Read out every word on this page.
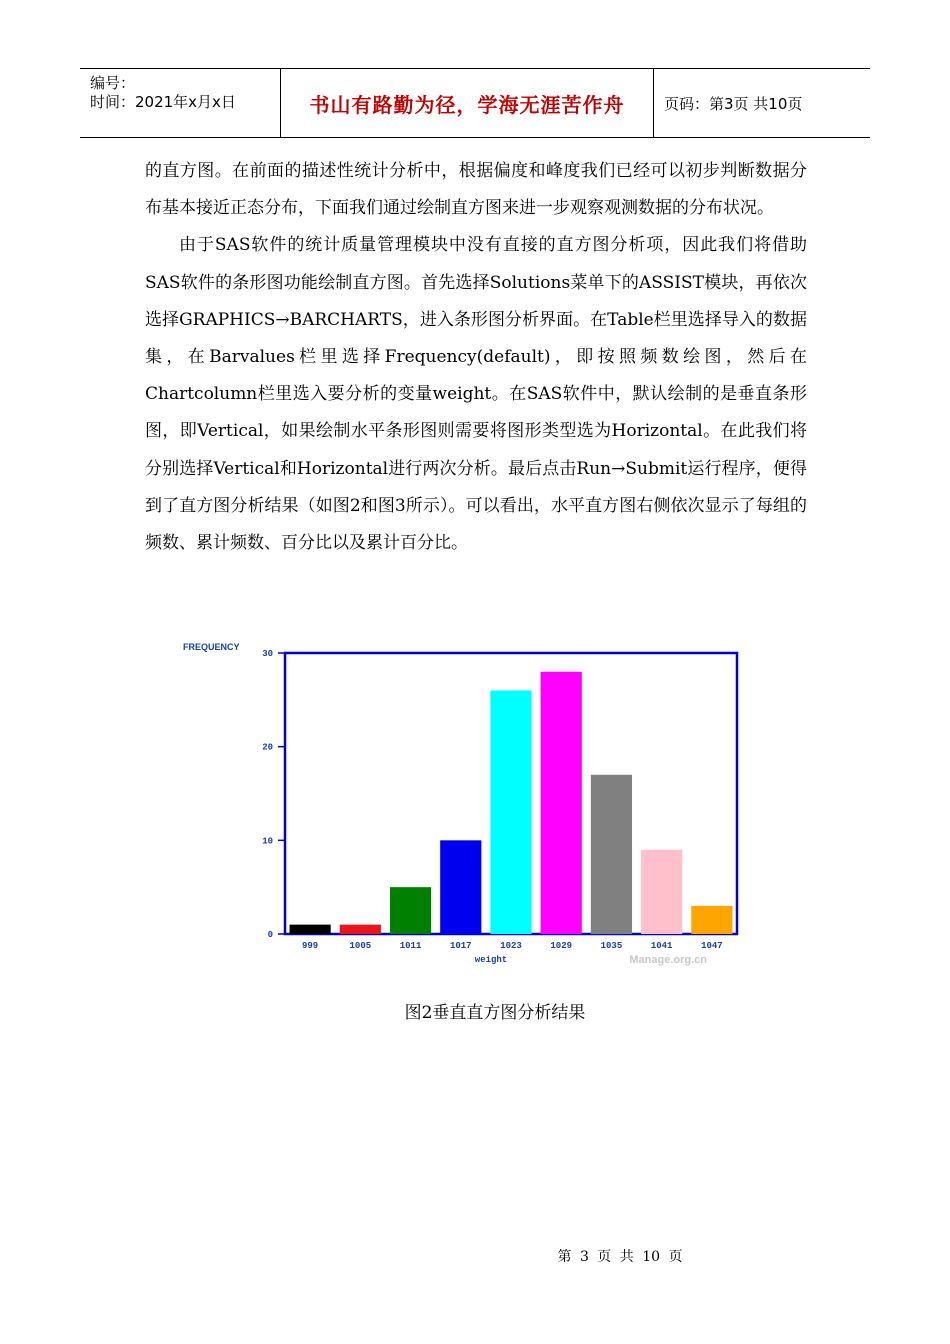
编号：
时间：2021年x月x日	书山有路勤为径，学海无涯苦作舟	页码：第3页 共10页

的直方图。在前面的描述性统计分析中，根据偏度和峰度我们已经可以初步判断数据分布基本接近正态分布，下面我们通过绘制直方图来进一步观察观测数据的分布状况。

由于SAS软件的统计质量管理模块中没有直接的直方图分析项，因此我们将借助SAS软件的条形图功能绘制直方图。首先选择Solutions菜单下的ASSIST模块，再依次选择GRAPHICS→BARCHARTS，进入条形图分析界面。在Table栏里选择导入的数据集，在Barvalues栏里选择Frequency(default)，即按照频数绘图，然后在Chartcolumn栏里选入要分析的变量weight。在SAS软件中，默认绘制的是垂直条形图，即Vertical，如果绘制水平条形图则需要将图形类型选为Horizontal。在此我们将分别选择Vertical和Horizontal进行两次分析。最后点击Run→Submit运行程序，便得到了直方图分析结果（如图2和图3所示）。可以看出，水平直方图右侧依次显示了每组的频数、累计频数、百分比以及累计百分比。

FREQUENCY
0
10
20
30
999	1005	1011	1017	1023	1029	1035	1041	1047
weight	Manage.org.cn
图2垂直直方图分析结果
第 3 页 共 10 页
